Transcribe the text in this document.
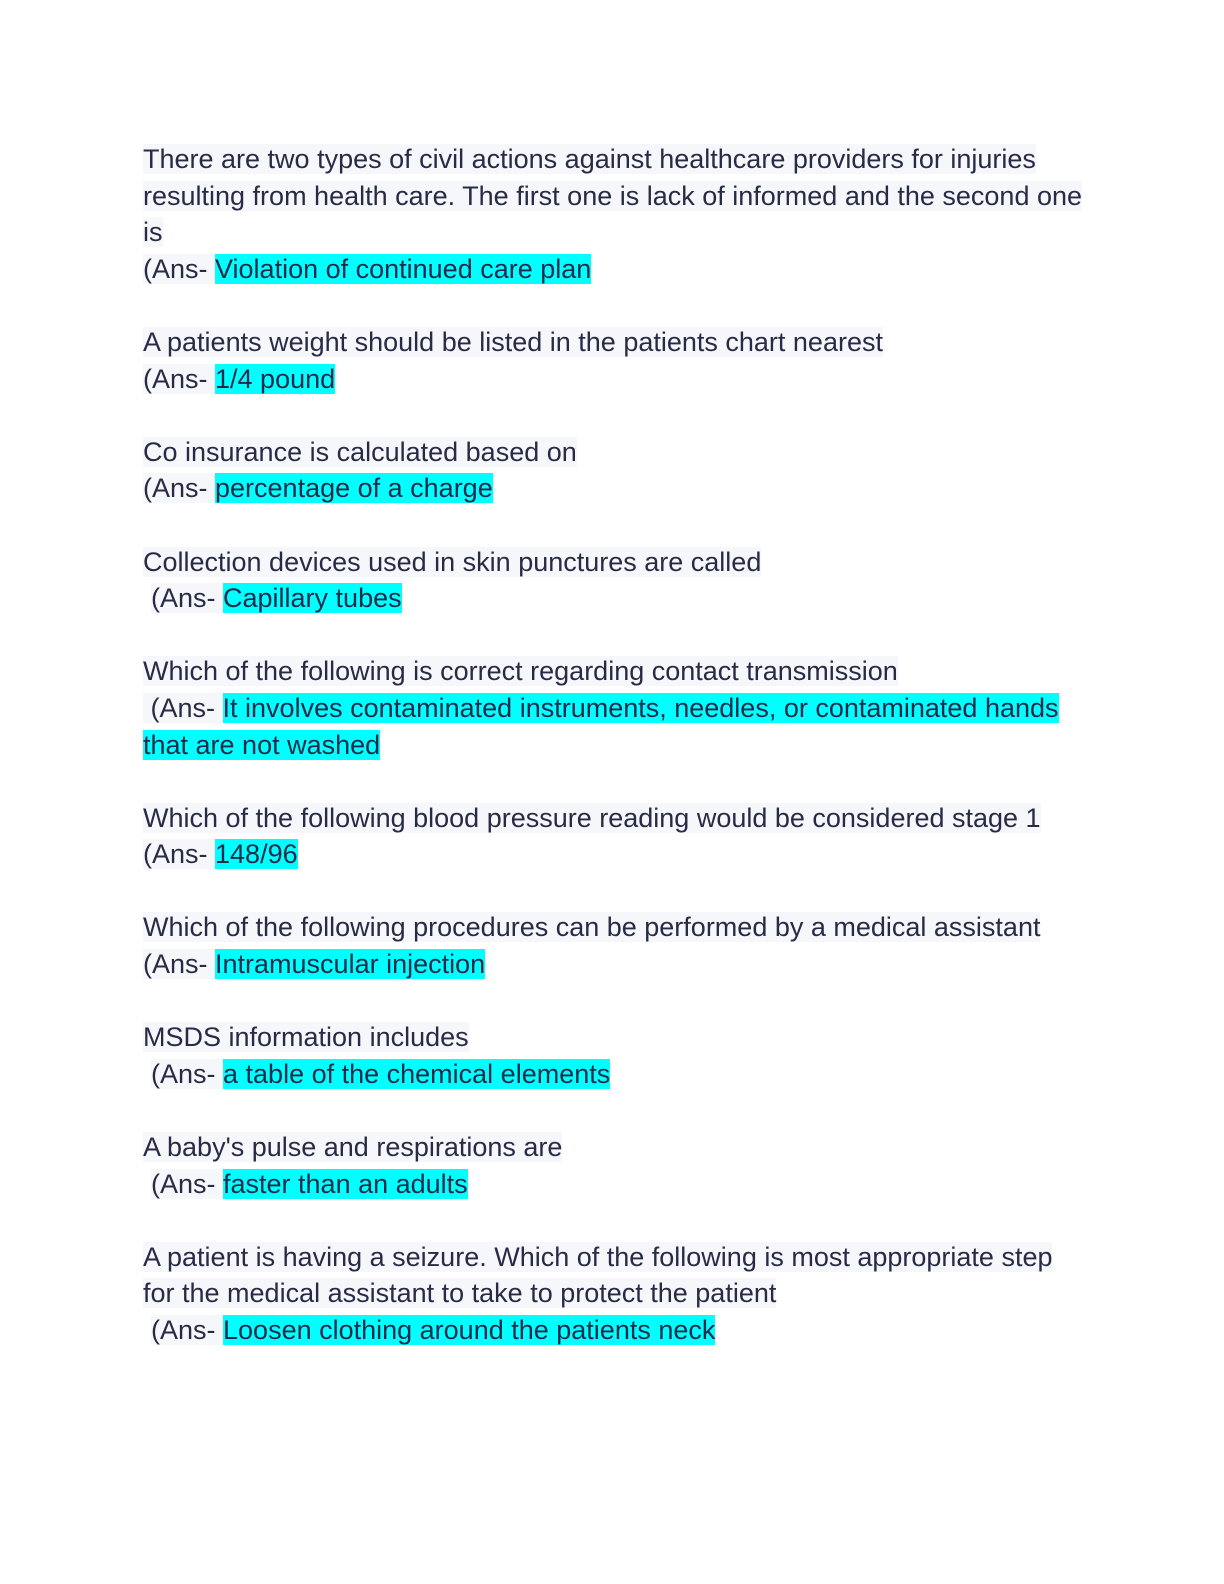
There are two types of civil actions against healthcare providers for injuries resulting from health care. The first one is lack of informed and the second one is
(Ans- Violation of continued care plan
A patients weight should be listed in the patients chart nearest
(Ans- 1/4 pound
Co insurance is calculated based on
(Ans- percentage of a charge
Collection devices used in skin punctures are called
(Ans- Capillary tubes
Which of the following is correct regarding contact transmission
(Ans- It involves contaminated instruments, needles, or contaminated hands that are not washed
Which of the following blood pressure reading would be considered stage 1
(Ans- 148/96
Which of the following procedures can be performed by a medical assistant
(Ans- Intramuscular injection
MSDS information includes
(Ans- a table of the chemical elements
A baby's pulse and respirations are
(Ans- faster than an adults
A patient is having a seizure. Which of the following is most appropriate step for the medical assistant to take to protect the patient
(Ans- Loosen clothing around the patients neck
